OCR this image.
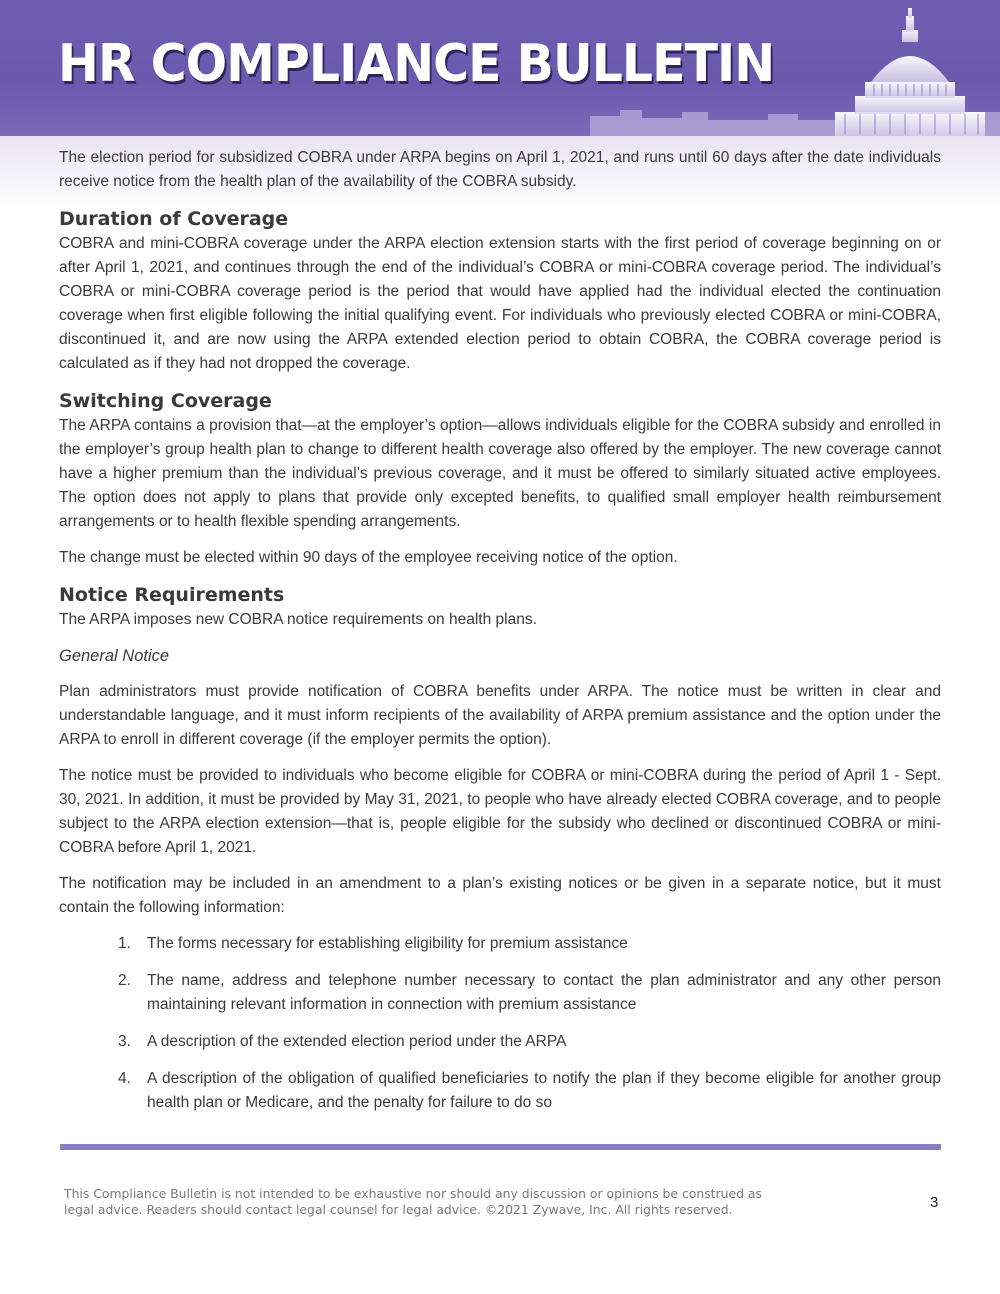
HR COMPLIANCE BULLETIN

The election period for subsidized COBRA under ARPA begins on April 1, 2021, and runs until 60 days after the date individuals receive notice from the health plan of the availability of the COBRA subsidy.

Duration of Coverage

COBRA and mini-COBRA coverage under the ARPA election extension starts with the first period of coverage beginning on or after April 1, 2021, and continues through the end of the individual’s COBRA or mini-COBRA coverage period. The individual’s COBRA or mini-COBRA coverage period is the period that would have applied had the individual elected the continuation coverage when first eligible following the initial qualifying event. For individuals who previously elected COBRA or mini-COBRA, discontinued it, and are now using the ARPA extended election period to obtain COBRA, the COBRA coverage period is calculated as if they had not dropped the coverage.

Switching Coverage

The ARPA contains a provision that—at the employer’s option—allows individuals eligible for the COBRA subsidy and enrolled in the employer’s group health plan to change to different health coverage also offered by the employer. The new coverage cannot have a higher premium than the individual’s previous coverage, and it must be offered to similarly situated active employees. The option does not apply to plans that provide only excepted benefits, to qualified small employer health reimbursement arrangements or to health flexible spending arrangements.

The change must be elected within 90 days of the employee receiving notice of the option.

Notice Requirements

The ARPA imposes new COBRA notice requirements on health plans.

General Notice

Plan administrators must provide notification of COBRA benefits under ARPA. The notice must be written in clear and understandable language, and it must inform recipients of the availability of ARPA premium assistance and the option under the ARPA to enroll in different coverage (if the employer permits the option).

The notice must be provided to individuals who become eligible for COBRA or mini-COBRA during the period of April 1 - Sept. 30, 2021. In addition, it must be provided by May 31, 2021, to people who have already elected COBRA coverage, and to people subject to the ARPA election extension—that is, people eligible for the subsidy who declined or discontinued COBRA or mini-COBRA before April 1, 2021.

The notification may be included in an amendment to a plan’s existing notices or be given in a separate notice, but it must contain the following information:

1. The forms necessary for establishing eligibility for premium assistance
2. The name, address and telephone number necessary to contact the plan administrator and any other person maintaining relevant information in connection with premium assistance
3. A description of the extended election period under the ARPA
4. A description of the obligation of qualified beneficiaries to notify the plan if they become eligible for another group health plan or Medicare, and the penalty for failure to do so
This Compliance Bulletin is not intended to be exhaustive nor should any discussion or opinions be construed as
legal advice. Readers should contact legal counsel for legal advice. ©2021 Zywave, Inc. All rights reserved.	3
